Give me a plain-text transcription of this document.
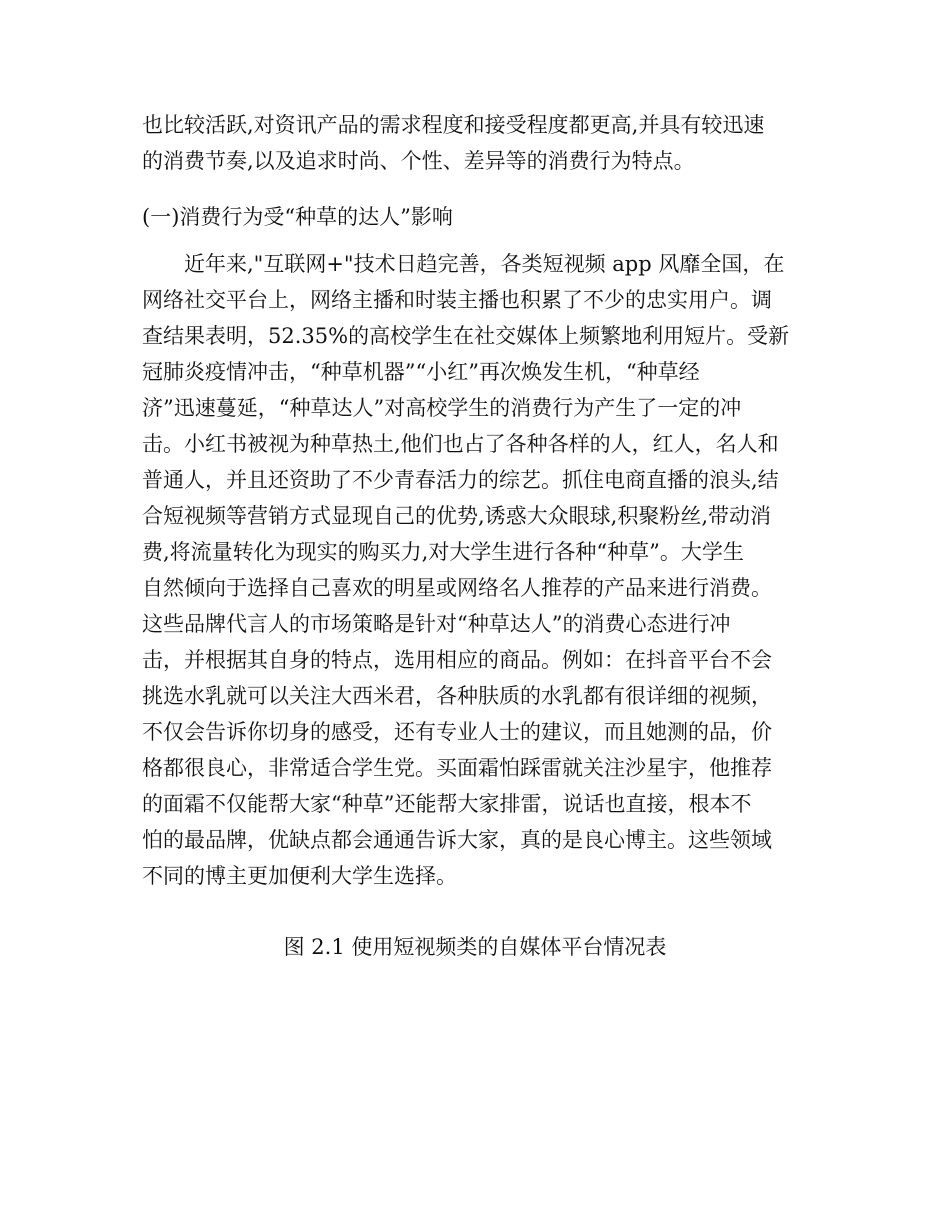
也比较活跃,对资讯产品的需求程度和接受程度都更高,并具有较迅速
的消费节奏,以及追求时尚、个性、差异等的消费行为特点。
(一)消费行为受“种草的达人”影响
近年来,"互联网+"技术日趋完善，各类短视频 app 风靡全国，在
网络社交平台上，网络主播和时装主播也积累了不少的忠实用户。调
查结果表明，52.35%的高校学生在社交媒体上频繁地利用短片。受新
冠肺炎疫情冲击，“种草机器”“小红”再次焕发生机，“种草经
济”迅速蔓延，“种草达人”对高校学生的消费行为产生了一定的冲
击。小红书被视为种草热土,他们也占了各种各样的人，红人，名人和
普通人，并且还资助了不少青春活力的综艺。抓住电商直播的浪头,结
合短视频等营销方式显现自己的优势,诱惑大众眼球,积聚粉丝,带动消
费,将流量转化为现实的购买力,对大学生进行各种“种草”。大学生
自然倾向于选择自己喜欢的明星或网络名人推荐的产品来进行消费。
这些品牌代言人的市场策略是针对“种草达人”的消费心态进行冲
击，并根据其自身的特点，选用相应的商品。例如：在抖音平台不会
挑选水乳就可以关注大西米君，各种肤质的水乳都有很详细的视频，
不仅会告诉你切身的感受，还有专业人士的建议，而且她测的品，价
格都很良心，非常适合学生党。买面霜怕踩雷就关注沙星宇，他推荐
的面霜不仅能帮大家“种草”还能帮大家排雷，说话也直接，根本不
怕的最品牌，优缺点都会通通告诉大家，真的是良心博主。这些领域
不同的博主更加便利大学生选择。
图 2.1 使用短视频类的自媒体平台情况表
